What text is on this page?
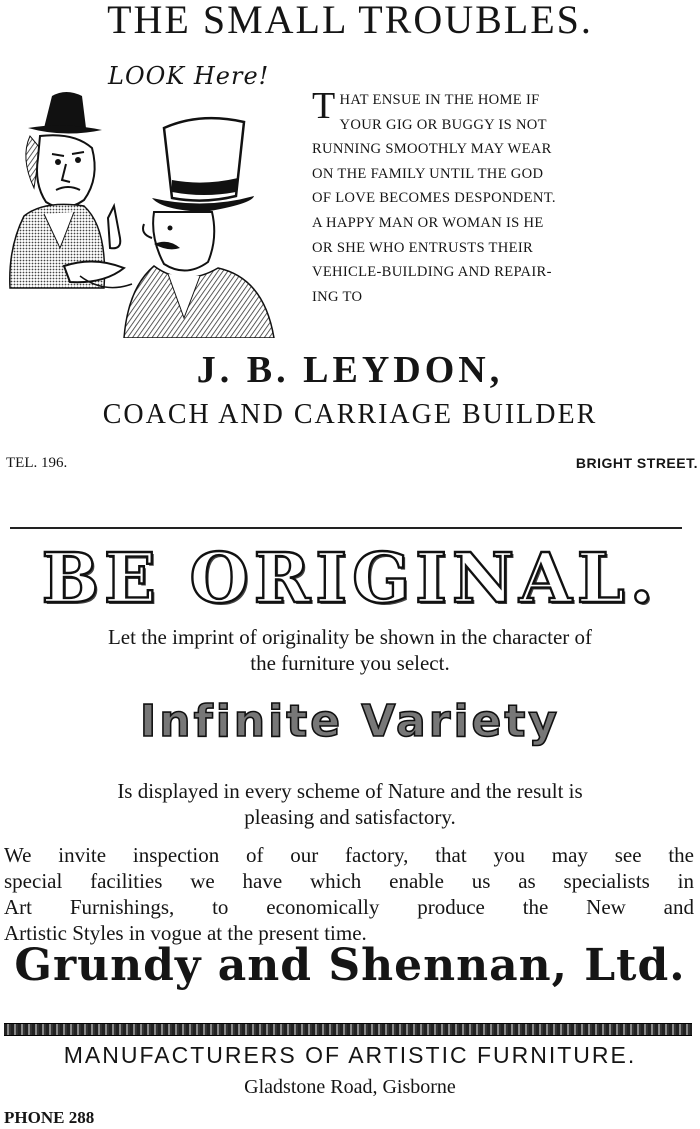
THE SMALL TROUBLES.
LOOK Here!
T HAT ENSUE IN THE HOME IF
YOUR GIG OR BUGGY IS NOT
RUNNING SMOOTHLY MAY WEAR
ON THE FAMILY UNTIL THE GOD
OF LOVE BECOMES DESPONDENT.
A HAPPY MAN OR WOMAN IS HE
OR SHE WHO ENTRUSTS THEIR
VEHICLE-BUILDING AND REPAIR-
ING TO
J. B. LEYDON,
COACH AND CARRIAGE BUILDER
TEL. 196.	BRIGHT STREET.
BE ORIGINAL.
Let the imprint of originality be shown in the character of
the furniture you select.
Infinite Variety
Is displayed in every scheme of Nature and the result is
pleasing and satisfactory.
We invite inspection of our factory, that you may see the
special facilities we have which enable us as specialists in
Art Furnishings, to economically produce the New and
Artistic Styles in vogue at the present time.
Grundy and Shennan, Ltd.
MANUFACTURERS OF ARTISTIC FURNITURE.
Gladstone Road, Gisborne
PHONE 288
